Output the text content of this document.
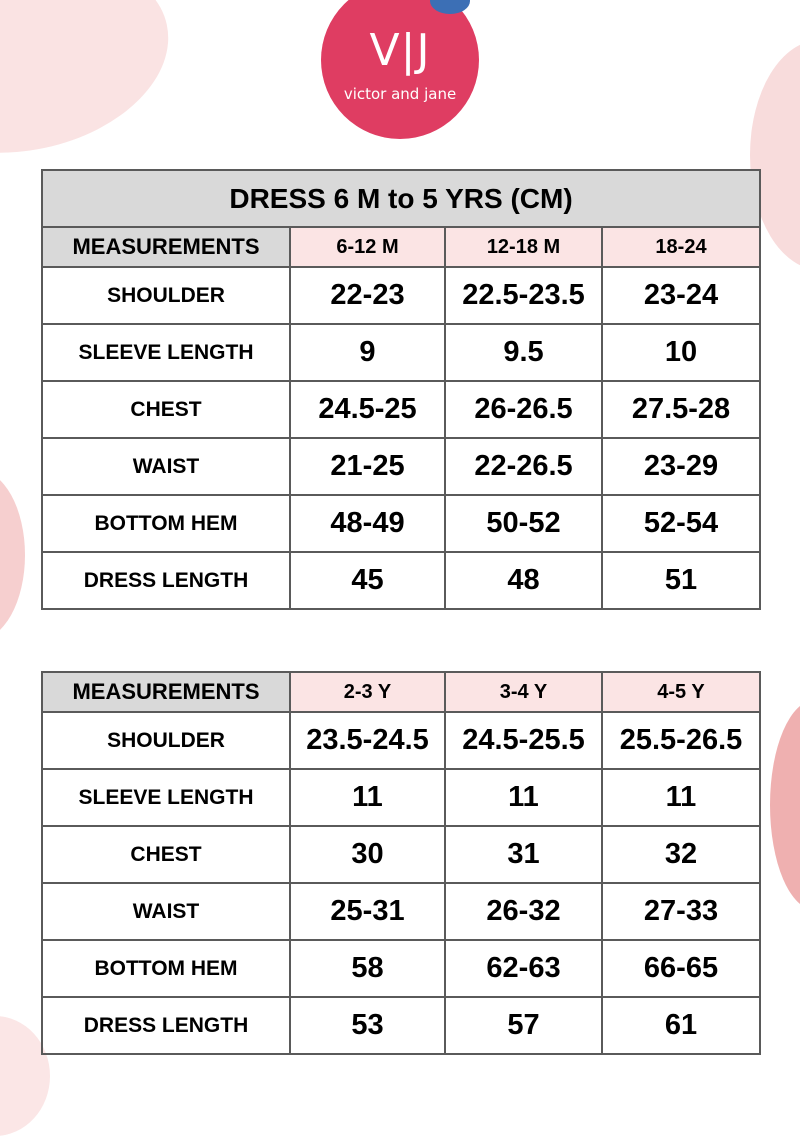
V|J
victor and jane
DRESS 6 M to 5 YRS (CM)			
MEASUREMENTS	6-12 M	12-18 M	18-24
SHOULDER	22-23	22.5-23.5	23-24
SLEEVE LENGTH	9	9.5	10
CHEST	24.5-25	26-26.5	27.5-28
WAIST	21-25	22-26.5	23-29
BOTTOM HEM	48-49	50-52	52-54
DRESS LENGTH	45	48	51
MEASUREMENTS	2-3 Y	3-4 Y	4-5 Y
SHOULDER	23.5-24.5	24.5-25.5	25.5-26.5
SLEEVE LENGTH	11	11	11
CHEST	30	31	32
WAIST	25-31	26-32	27-33
BOTTOM HEM	58	62-63	66-65
DRESS LENGTH	53	57	61
